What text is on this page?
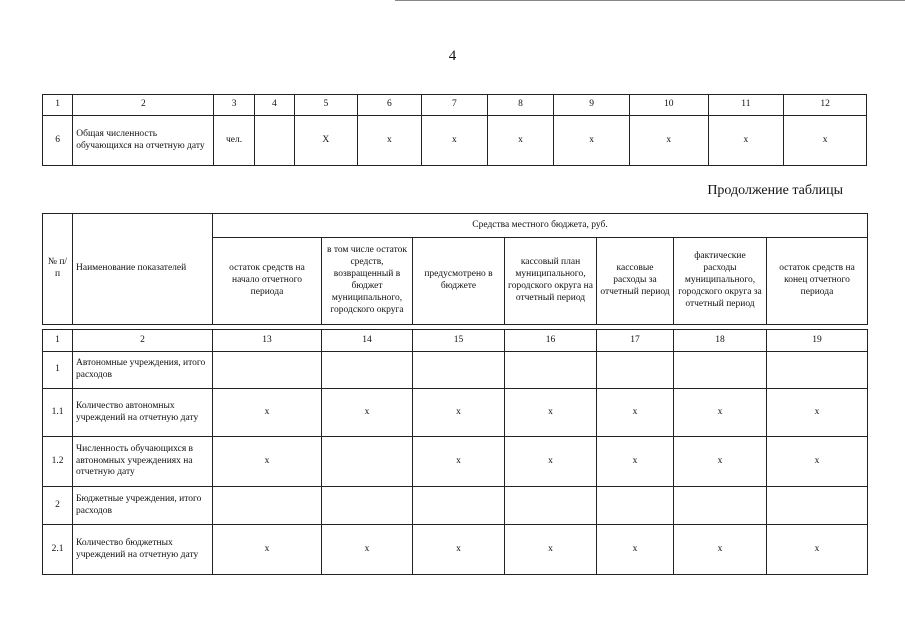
4
1	2	3	4	5	6	7	8	9	10	11	12
6	Общая численность обучающихся на отчетную дату	чел.		Х	х	х	х	х	х	х	х
Продолжение таблицы
№ п/п	Наименование показателей	Средства местного бюджета, руб.						
		остаток средств на начало отчетного периода	в том числе остаток средств, возвращенный в бюджет муниципального, городского округа	предусмотрено в бюджете	кассовый план муниципального, городского округа на отчетный период	кассовые расходы за отчетный период	фактические расходы муниципального, городского округа за отчетный период	остаток средств на конец отчетного периода

1	2	13	14	15	16	17	18	19
1	Автономные учреждения, итого расходов							
1.1	Количество автономных учреждений на отчетную дату	х	х	х	х	х	х	х
1.2	Численность обучающихся в автономных учреждениях на отчетную дату	х		х	х	х	х	х
2	Бюджетные учреждения, итого расходов							
2.1	Количество бюджетных учреждений на отчетную дату	х	х	х	х	х	х	х
